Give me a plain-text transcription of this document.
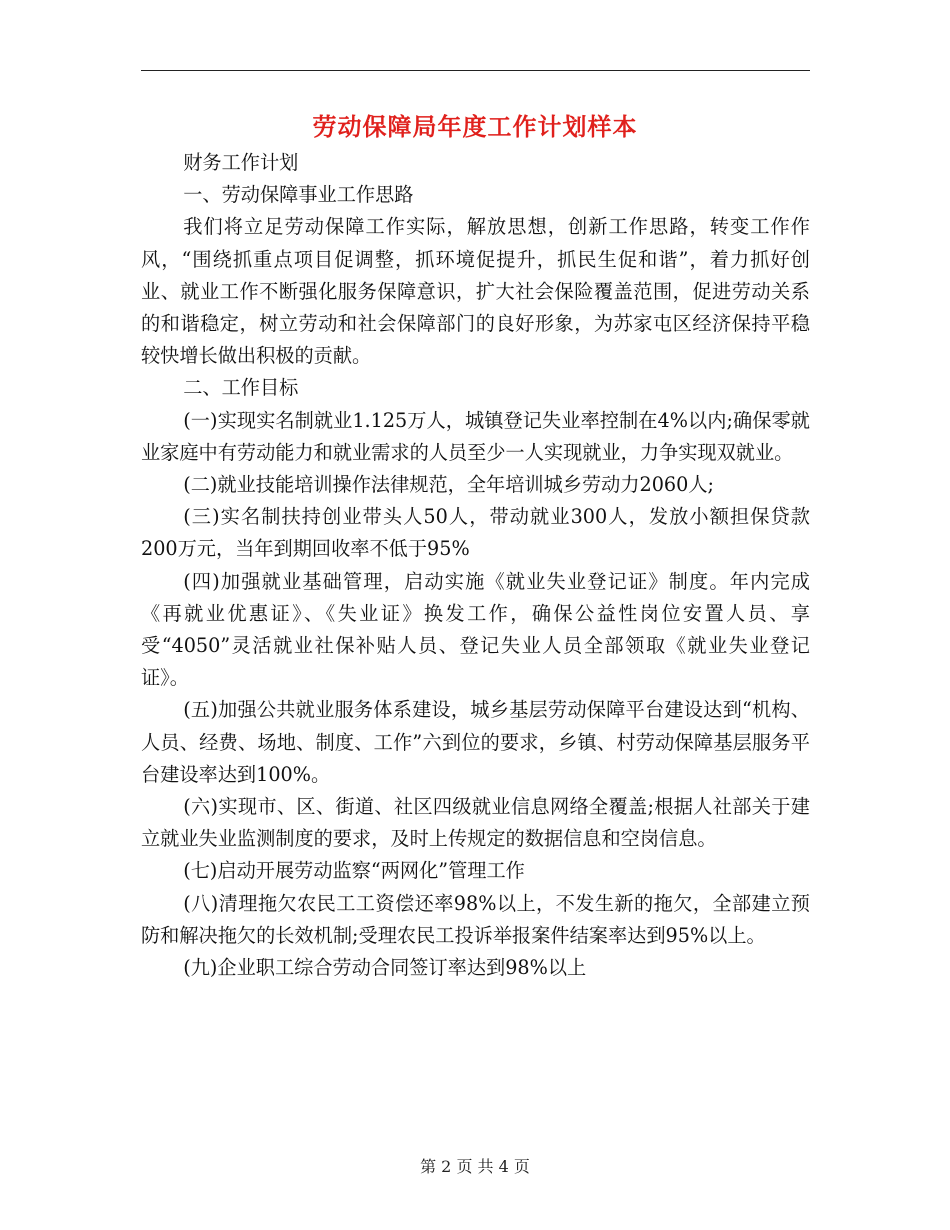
劳动保障局年度工作计划样本

财务工作计划

一、劳动保障事业工作思路

我们将立足劳动保障工作实际，解放思想，创新工作思路，转变工作作风，“围绕抓重点项目促调整，抓环境促提升，抓民生促和谐”，着力抓好创业、就业工作不断强化服务保障意识，扩大社会保险覆盖范围，促进劳动关系的和谐稳定，树立劳动和社会保障部门的良好形象，为苏家屯区经济保持平稳较快增长做出积极的贡献。

二、工作目标

(一)实现实名制就业1.125万人，城镇登记失业率控制在4%以内;确保零就业家庭中有劳动能力和就业需求的人员至少一人实现就业，力争实现双就业。

(二)就业技能培训操作法律规范，全年培训城乡劳动力2060人;

(三)实名制扶持创业带头人50人，带动就业300人，发放小额担保贷款200万元，当年到期回收率不低于95%

(四)加强就业基础管理，启动实施《就业失业登记证》制度。年内完成《再就业优惠证》、《失业证》换发工作，确保公益性岗位安置人员、享受“4050”灵活就业社保补贴人员、登记失业人员全部领取《就业失业登记证》。

(五)加强公共就业服务体系建设，城乡基层劳动保障平台建设达到“机构、人员、经费、场地、制度、工作”六到位的要求，乡镇、村劳动保障基层服务平台建设率达到100%。

(六)实现市、区、街道、社区四级就业信息网络全覆盖;根据人社部关于建立就业失业监测制度的要求，及时上传规定的数据信息和空岗信息。

(七)启动开展劳动监察“两网化”管理工作

(八)清理拖欠农民工工资偿还率98%以上，不发生新的拖欠，全部建立预防和解决拖欠的长效机制;受理农民工投诉举报案件结案率达到95%以上。

(九)企业职工综合劳动合同签订率达到98%以上

第 2 页 共 4 页
